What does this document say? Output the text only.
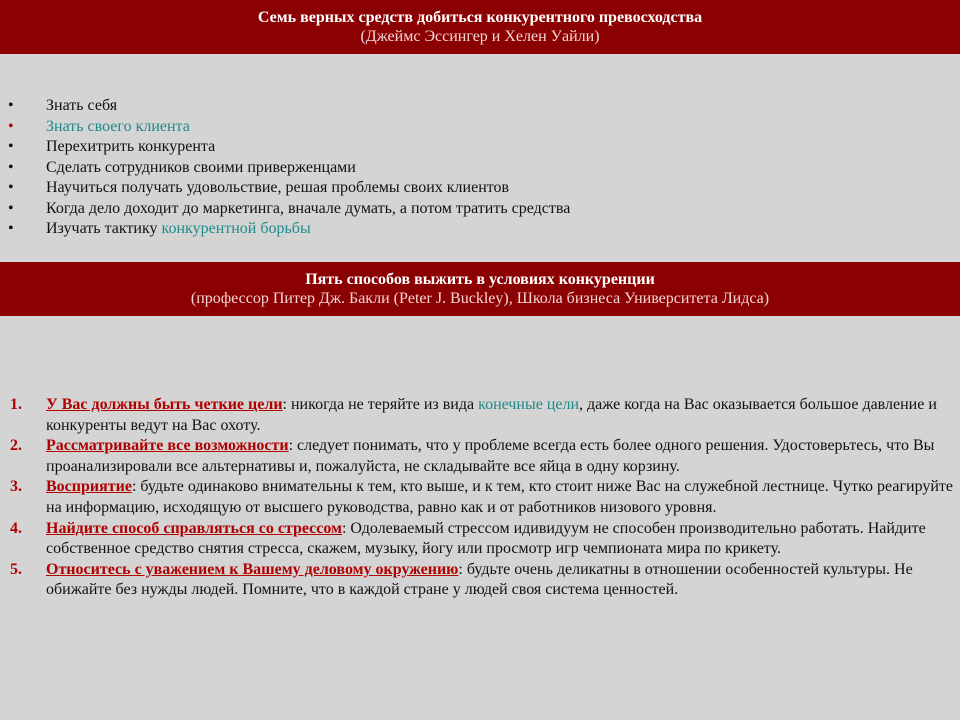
Семь верных средств добиться конкурентного превосходства
(Джеймс Эссингер и Хелен Уайли)
• Знать себя
• Знать своего клиента
• Перехитрить конкурента
• Сделать сотрудников своими приверженцами
• Научиться получать удовольствие, решая проблемы своих клиентов
• Когда дело доходит до маркетинга, вначале думать, а потом тратить средства
• Изучать тактику конкурентной борьбы
Пять способов выжить в условиях конкуренции
(профессор Питер Дж. Бакли (Peter J. Buckley), Школа бизнеса Университета Лидса)
1. У Вас должны быть четкие цели: никогда не теряйте из вида конечные цели, даже когда на Вас оказывается большое давление и конкуренты ведут на Вас охоту.
2. Рассматривайте все возможности: следует понимать, что у проблеме всегда есть более одного решения. Удостоверьтесь, что Вы проанализировали все альтернативы и, пожалуйста, не складывайте все яйца в одну корзину.
3. Восприятие: будьте одинаково внимательны к тем, кто выше, и к тем, кто стоит ниже Вас на служебной лестнице. Чутко реагируйте на информацию, исходящую от высшего руководства, равно как и от работников низового уровня.
4. Найдите способ справляться со стрессом: Одолеваемый стрессом идивидуум не способен производительно работать. Найдите собственное средство снятия стресса, скажем, музыку, йогу или просмотр игр чемпионата мира по крикету.
5. Относитесь с уважением к Вашему деловому окружению: будьте очень деликатны в отношении особенностей культуры. Не обижайте без нужды людей. Помните, что в каждой стране у людей своя система ценностей.
